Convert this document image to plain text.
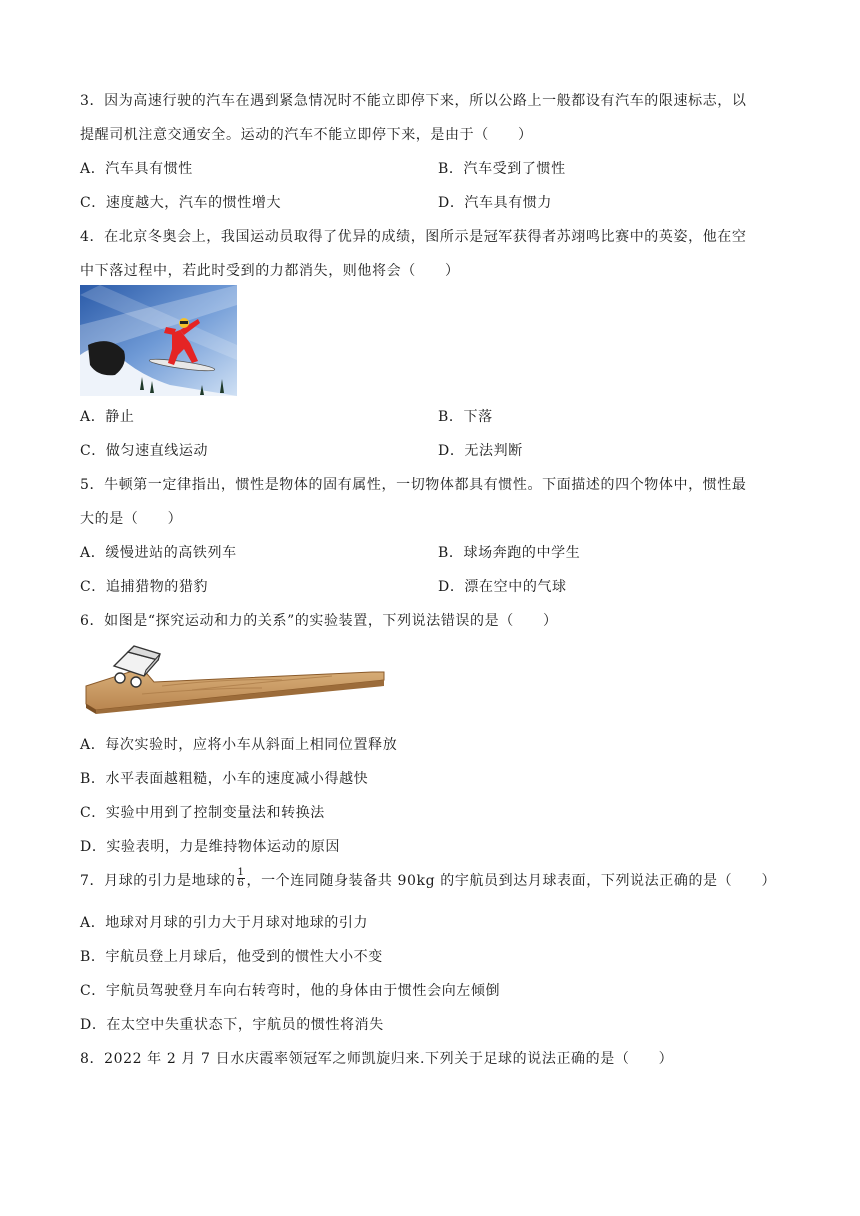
3．因为高速行驶的汽车在遇到紧急情况时不能立即停下来，所以公路上一般都设有汽车的限速标志，以
提醒司机注意交通安全。运动的汽车不能立即停下来，是由于（　　）
A．汽车具有惯性	B．汽车受到了惯性
C．速度越大，汽车的惯性增大	D．汽车具有惯力
4．在北京冬奥会上，我国运动员取得了优异的成绩，图所示是冠军获得者苏翊鸣比赛中的英姿，他在空
中下落过程中，若此时受到的力都消失，则他将会（　　）
A．静止	B．下落
C．做匀速直线运动	D．无法判断
5．牛顿第一定律指出，惯性是物体的固有属性，一切物体都具有惯性。下面描述的四个物体中，惯性最
大的是（　　）
A．缓慢进站的高铁列车	B．球场奔跑的中学生
C．追捕猎物的猎豹	D．漂在空中的气球
6．如图是“探究运动和力的关系”的实验装置，下列说法错误的是（　　）
A．每次实验时，应将小车从斜面上相同位置释放
B．水平表面越粗糙，小车的速度减小得越快
C．实验中用到了控制变量法和转换法
D．实验表明，力是维持物体运动的原因
7．月球的引力是地球的 $\frac{1}{6}$ ，一个连同随身装备共 90kg 的宇航员到达月球表面，下列说法正确的是（　　）
A．地球对月球的引力大于月球对地球的引力
B．宇航员登上月球后，他受到的惯性大小不变
C．宇航员驾驶登月车向右转弯时，他的身体由于惯性会向左倾倒
D．在太空中失重状态下，宇航员的惯性将消失
8．2022 年 2 月 7 日水庆霞率领冠军之师凯旋归来.下列关于足球的说法正确的是（　　）
